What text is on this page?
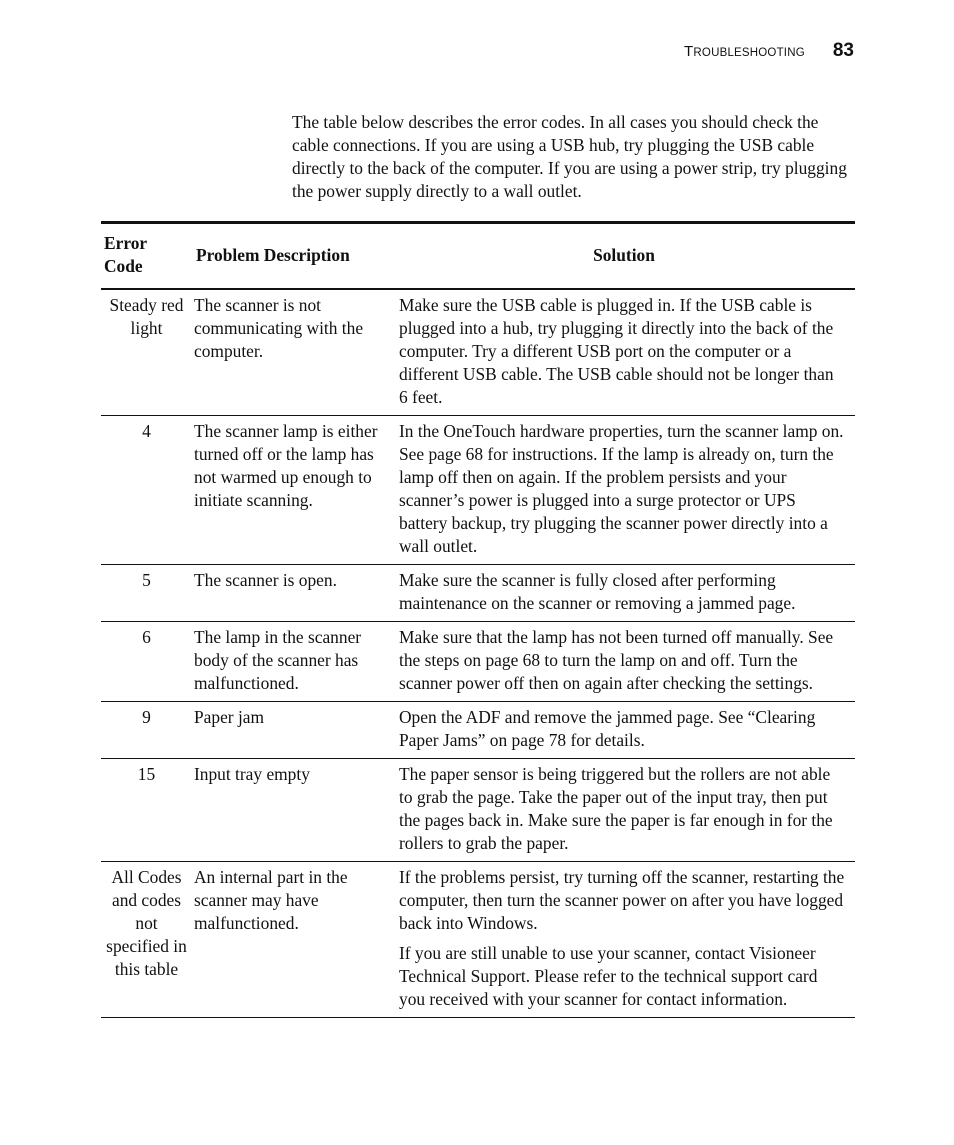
TROUBLESHOOTING 83

The table below describes the error codes. In all cases you should check the cable connections. If you are using a USB hub, try plugging the USB cable directly to the back of the computer. If you are using a power strip, try plugging the power supply directly to a wall outlet.

Error Code	Problem Description	Solution
Steady red light	The scanner is not communicating with the computer.	Make sure the USB cable is plugged in. If the USB cable is plugged into a hub, try plugging it directly into the back of the computer. Try a different USB port on the computer or a different USB cable. The USB cable should not be longer than 6 feet.

4	The scanner lamp is either turned off or the lamp has not warmed up enough to initiate scanning.	In the OneTouch hardware properties, turn the scanner lamp on. See page 68 for instructions. If the lamp is already on, turn the lamp off then on again. If the problem persists and your scanner’s power is plugged into a surge protector or UPS battery backup, try plugging the scanner power directly into a wall outlet.

5	The scanner is open.	Make sure the scanner is fully closed after performing maintenance on the scanner or removing a jammed page.

6	The lamp in the scanner body of the scanner has malfunctioned.	Make sure that the lamp has not been turned off manually. See the steps on page 68 to turn the lamp on and off. Turn the scanner power off then on again after checking the settings.

9	Paper jam	Open the ADF and remove the jammed page. See “Clearing Paper Jams” on page 78 for details.

15	Input tray empty	The paper sensor is being triggered but the rollers are not able to grab the page. Take the paper out of the input tray, then put the pages back in. Make sure the paper is far enough in for the rollers to grab the paper.

All Codes and codes not specified in this table	An internal part in the scanner may have malfunctioned.	If the problems persist, try turning off the scanner, restarting the computer, then turn the scanner power on after you have logged back into Windows.

If you are still unable to use your scanner, contact Visioneer Technical Support. Please refer to the technical support card you received with your scanner for contact information.
